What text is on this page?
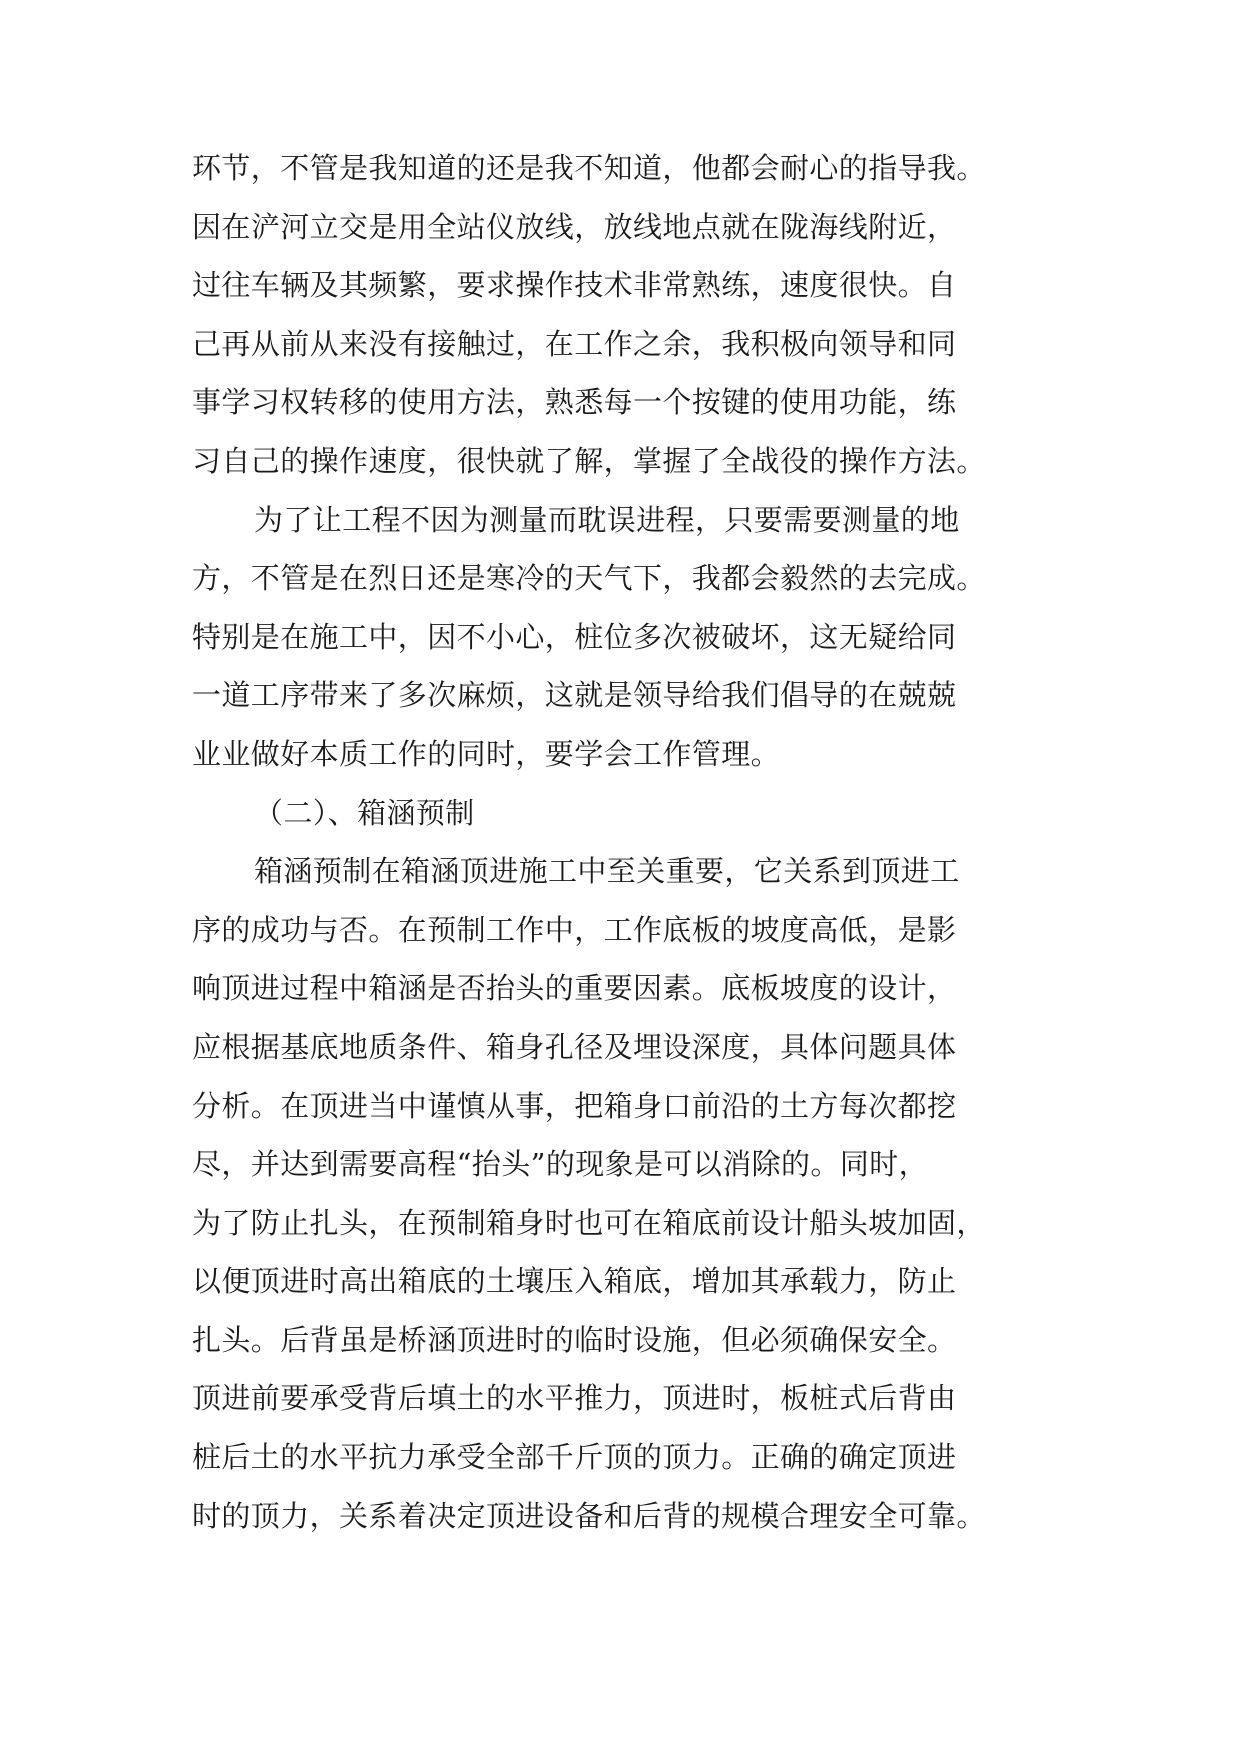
环节，不管是我知道的还是我不知道，他都会耐心的指导我。
因在浐河立交是用全站仪放线，放线地点就在陇海线附近，
过往车辆及其频繁，要求操作技术非常熟练，速度很快。自
己再从前从来没有接触过，在工作之余，我积极向领导和同
事学习权转移的使用方法，熟悉每一个按键的使用功能，练
习自己的操作速度，很快就了解，掌握了全战役的操作方法。
为了让工程不因为测量而耽误进程，只要需要测量的地
方，不管是在烈日还是寒冷的天气下，我都会毅然的去完成。
特别是在施工中，因不小心，桩位多次被破坏，这无疑给同
一道工序带来了多次麻烦，这就是领导给我们倡导的在兢兢
业业做好本质工作的同时，要学会工作管理。
（二）、箱涵预制
箱涵预制在箱涵顶进施工中至关重要，它关系到顶进工
序的成功与否。在预制工作中，工作底板的坡度高低，是影
响顶进过程中箱涵是否抬头的重要因素。底板坡度的设计，
应根据基底地质条件、箱身孔径及埋设深度，具体问题具体
分析。在顶进当中谨慎从事，把箱身口前沿的土方每次都挖
尽，并达到需要高程“抬头”的现象是可以消除的。同时，
为了防止扎头，在预制箱身时也可在箱底前设计船头坡加固，
以便顶进时高出箱底的土壤压入箱底，增加其承载力，防止
扎头。后背虽是桥涵顶进时的临时设施，但必须确保安全。
顶进前要承受背后填土的水平推力，顶进时，板桩式后背由
桩后土的水平抗力承受全部千斤顶的顶力。正确的确定顶进
时的顶力，关系着决定顶进设备和后背的规模合理安全可靠。
